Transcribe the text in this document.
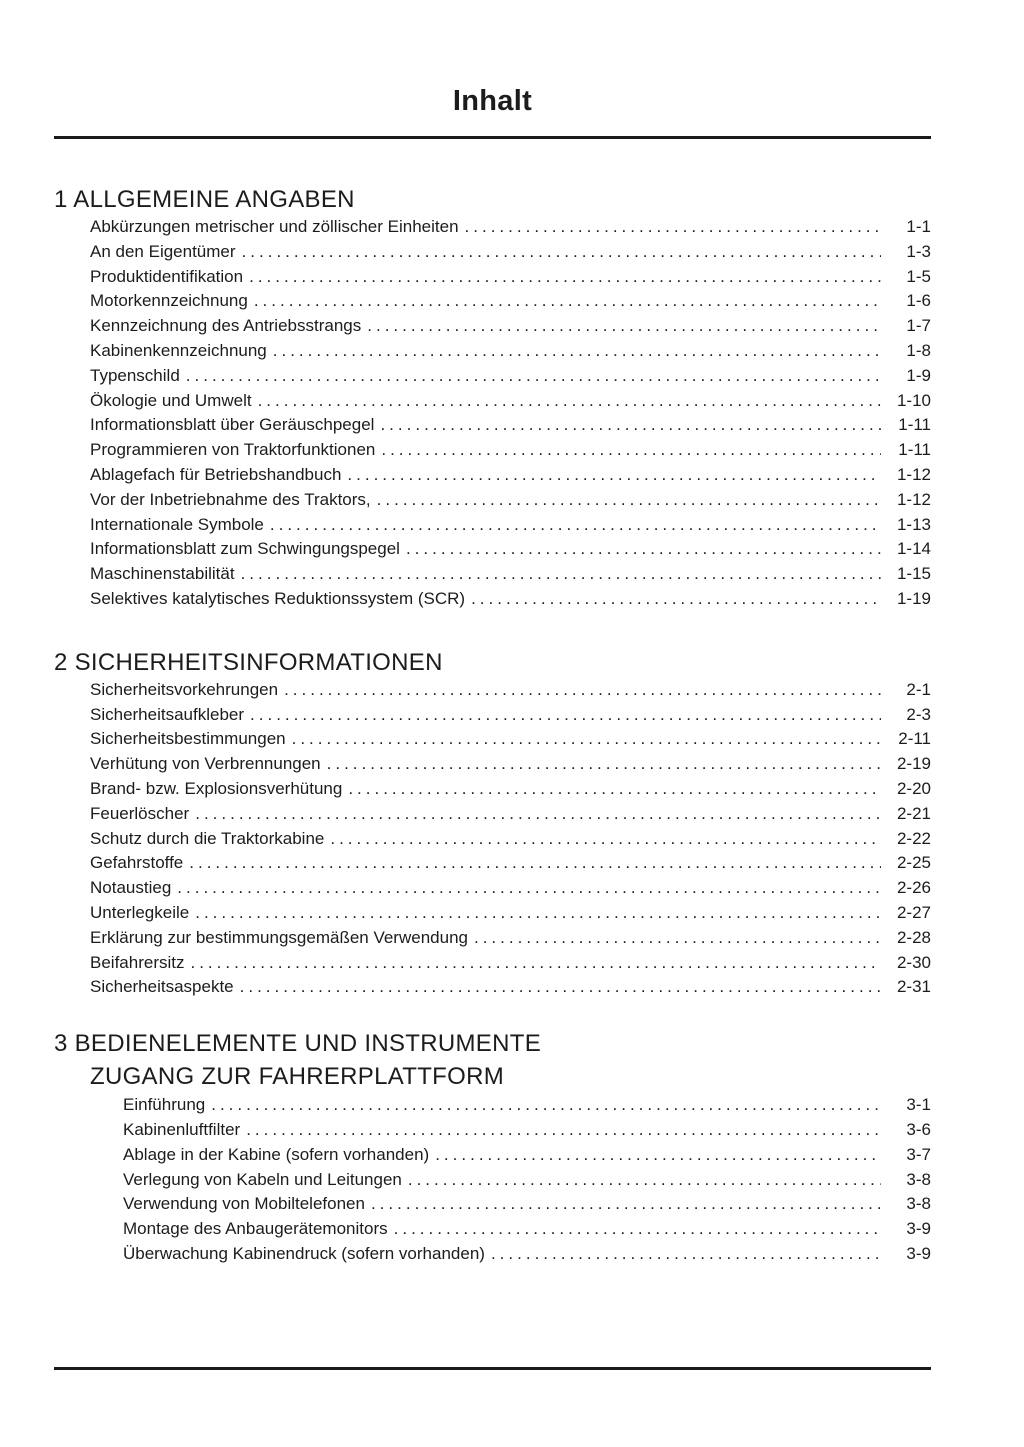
Inhalt
1 ALLGEMEINE ANGABEN
Abkürzungen metrischer und zöllischer Einheiten .....	1-1
An den Eigentümer .....	1-3
Produktidentifikation .....	1-5
Motorkennzeichnung .....	1-6
Kennzeichnung des Antriebsstrangs .....	1-7
Kabinenkennzeichnung .....	1-8
Typenschild .....	1-9
Ökologie und Umwelt .....	1-10
Informationsblatt über Geräuschpegel .....	1-11
Programmieren von Traktorfunktionen .....	1-11
Ablagefach für Betriebshandbuch .....	1-12
Vor der Inbetriebnahme des Traktors, .....	1-12
Internationale Symbole .....	1-13
Informationsblatt zum Schwingungspegel .....	1-14
Maschinenstabilität .....	1-15
Selektives katalytisches Reduktionssystem (SCR) .....	1-19
2 SICHERHEITSINFORMATIONEN
Sicherheitsvorkehrungen .....	2-1
Sicherheitsaufkleber .....	2-3
Sicherheitsbestimmungen .....	2-11
Verhütung von Verbrennungen .....	2-19
Brand- bzw. Explosionsverhütung .....	2-20
Feuerlöscher .....	2-21
Schutz durch die Traktorkabine .....	2-22
Gefahrstoffe .....	2-25
Notaustieg .....	2-26
Unterlegkeile .....	2-27
Erklärung zur bestimmungsgemäßen Verwendung .....	2-28
Beifahrersitz .....	2-30
Sicherheitsaspekte .....	2-31
3 BEDIENELEMENTE UND INSTRUMENTE
ZUGANG ZUR FAHRERPLATTFORM
Einführung .....	3-1
Kabinenluftfilter .....	3-6
Ablage in der Kabine (sofern vorhanden) .....	3-7
Verlegung von Kabeln und Leitungen .....	3-8
Verwendung von Mobiltelefonen .....	3-8
Montage des Anbaugerätemonitors .....	3-9
Überwachung Kabinendruck (sofern vorhanden) .....	3-9
